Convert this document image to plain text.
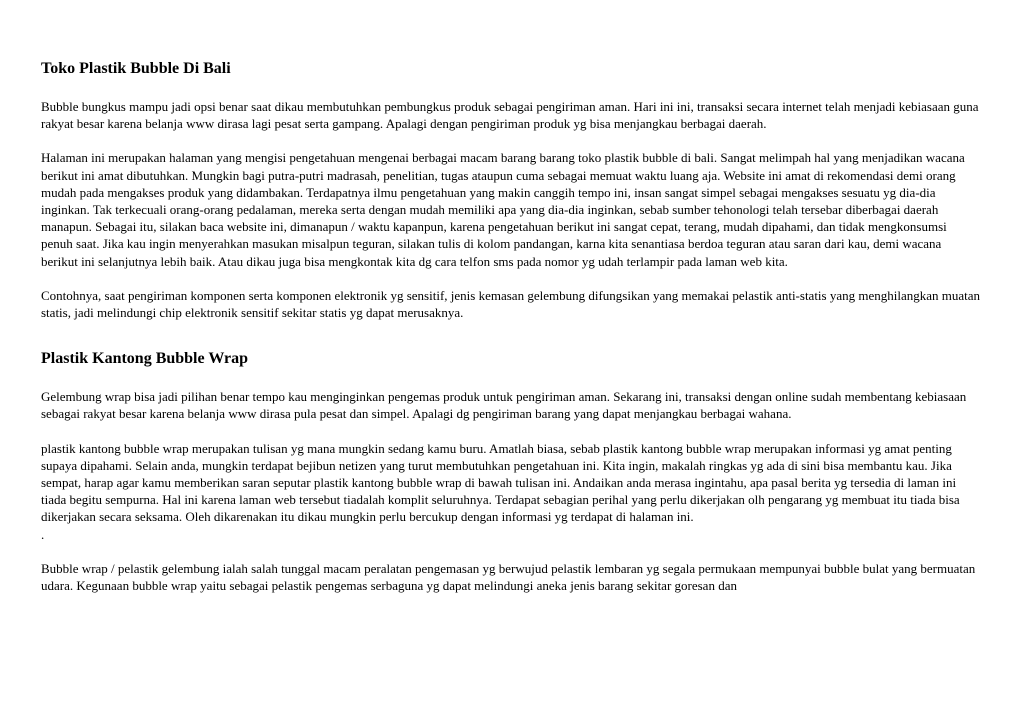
Toko Plastik Bubble Di Bali

Bubble bungkus mampu jadi opsi benar saat dikau membutuhkan pembungkus produk sebagai pengiriman aman. Hari ini ini, transaksi secara internet telah menjadi kebiasaan guna rakyat besar karena belanja www dirasa lagi pesat serta gampang. Apalagi dengan pengiriman produk yg bisa menjangkau berbagai daerah.

Halaman ini merupakan halaman yang mengisi pengetahuan mengenai berbagai macam barang barang toko plastik bubble di bali. Sangat melimpah hal yang menjadikan wacana berikut ini amat dibutuhkan. Mungkin bagi putra-putri madrasah, penelitian, tugas ataupun cuma sebagai memuat waktu luang aja. Website ini amat di rekomendasi demi orang mudah pada mengakses produk yang didambakan. Terdapatnya ilmu pengetahuan yang makin canggih tempo ini, insan sangat simpel sebagai mengakses sesuatu yg dia-dia inginkan. Tak terkecuali orang-orang pedalaman, mereka serta dengan mudah memiliki apa yang dia-dia inginkan, sebab sumber tehonologi telah tersebar diberbagai daerah manapun. Sebagai itu, silakan baca website ini, dimanapun / waktu kapanpun, karena pengetahuan berikut ini sangat cepat, terang, mudah dipahami, dan tidak mengkonsumsi penuh saat. Jika kau ingin menyerahkan masukan misalpun teguran, silakan tulis di kolom pandangan, karna kita senantiasa berdoa teguran atau saran dari kau, demi wacana berikut ini selanjutnya lebih baik. Atau dikau juga bisa mengkontak kita dg cara telfon sms pada nomor yg udah terlampir pada laman web kita.

Contohnya, saat pengiriman komponen serta komponen elektronik yg sensitif, jenis kemasan gelembung difungsikan yang memakai pelastik anti-statis yang menghilangkan muatan statis, jadi melindungi chip elektronik sensitif sekitar statis yg dapat merusaknya.

Plastik Kantong Bubble Wrap

Gelembung wrap bisa jadi pilihan benar tempo kau menginginkan pengemas produk untuk pengiriman aman. Sekarang ini, transaksi dengan online sudah membentang kebiasaan sebagai rakyat besar karena belanja www dirasa pula pesat dan simpel. Apalagi dg pengiriman barang yang dapat menjangkau berbagai wahana.

plastik kantong bubble wrap merupakan tulisan yg mana mungkin sedang kamu buru. Amatlah biasa, sebab plastik kantong bubble wrap merupakan informasi yg amat penting supaya dipahami. Selain anda, mungkin terdapat bejibun netizen yang turut membutuhkan pengetahuan ini. Kita ingin, makalah ringkas yg ada di sini bisa membantu kau. Jika sempat, harap agar kamu memberikan saran seputar plastik kantong bubble wrap di bawah tulisan ini. Andaikan anda merasa ingintahu, apa pasal berita yg tersedia di laman ini tiada begitu sempurna. Hal ini karena laman web tersebut tiadalah komplit seluruhnya. Terdapat sebagian perihal yang perlu dikerjakan olh pengarang yg membuat itu tiada bisa dikerjakan secara seksama. Oleh dikarenakan itu dikau mungkin perlu bercukup dengan informasi yg terdapat di halaman ini.

.

Bubble wrap / pelastik gelembung ialah salah tunggal macam peralatan pengemasan yg berwujud pelastik lembaran yg segala permukaan mempunyai bubble bulat yang bermuatan udara. Kegunaan bubble wrap yaitu sebagai pelastik pengemas serbaguna yg dapat melindungi aneka jenis barang sekitar goresan dan
